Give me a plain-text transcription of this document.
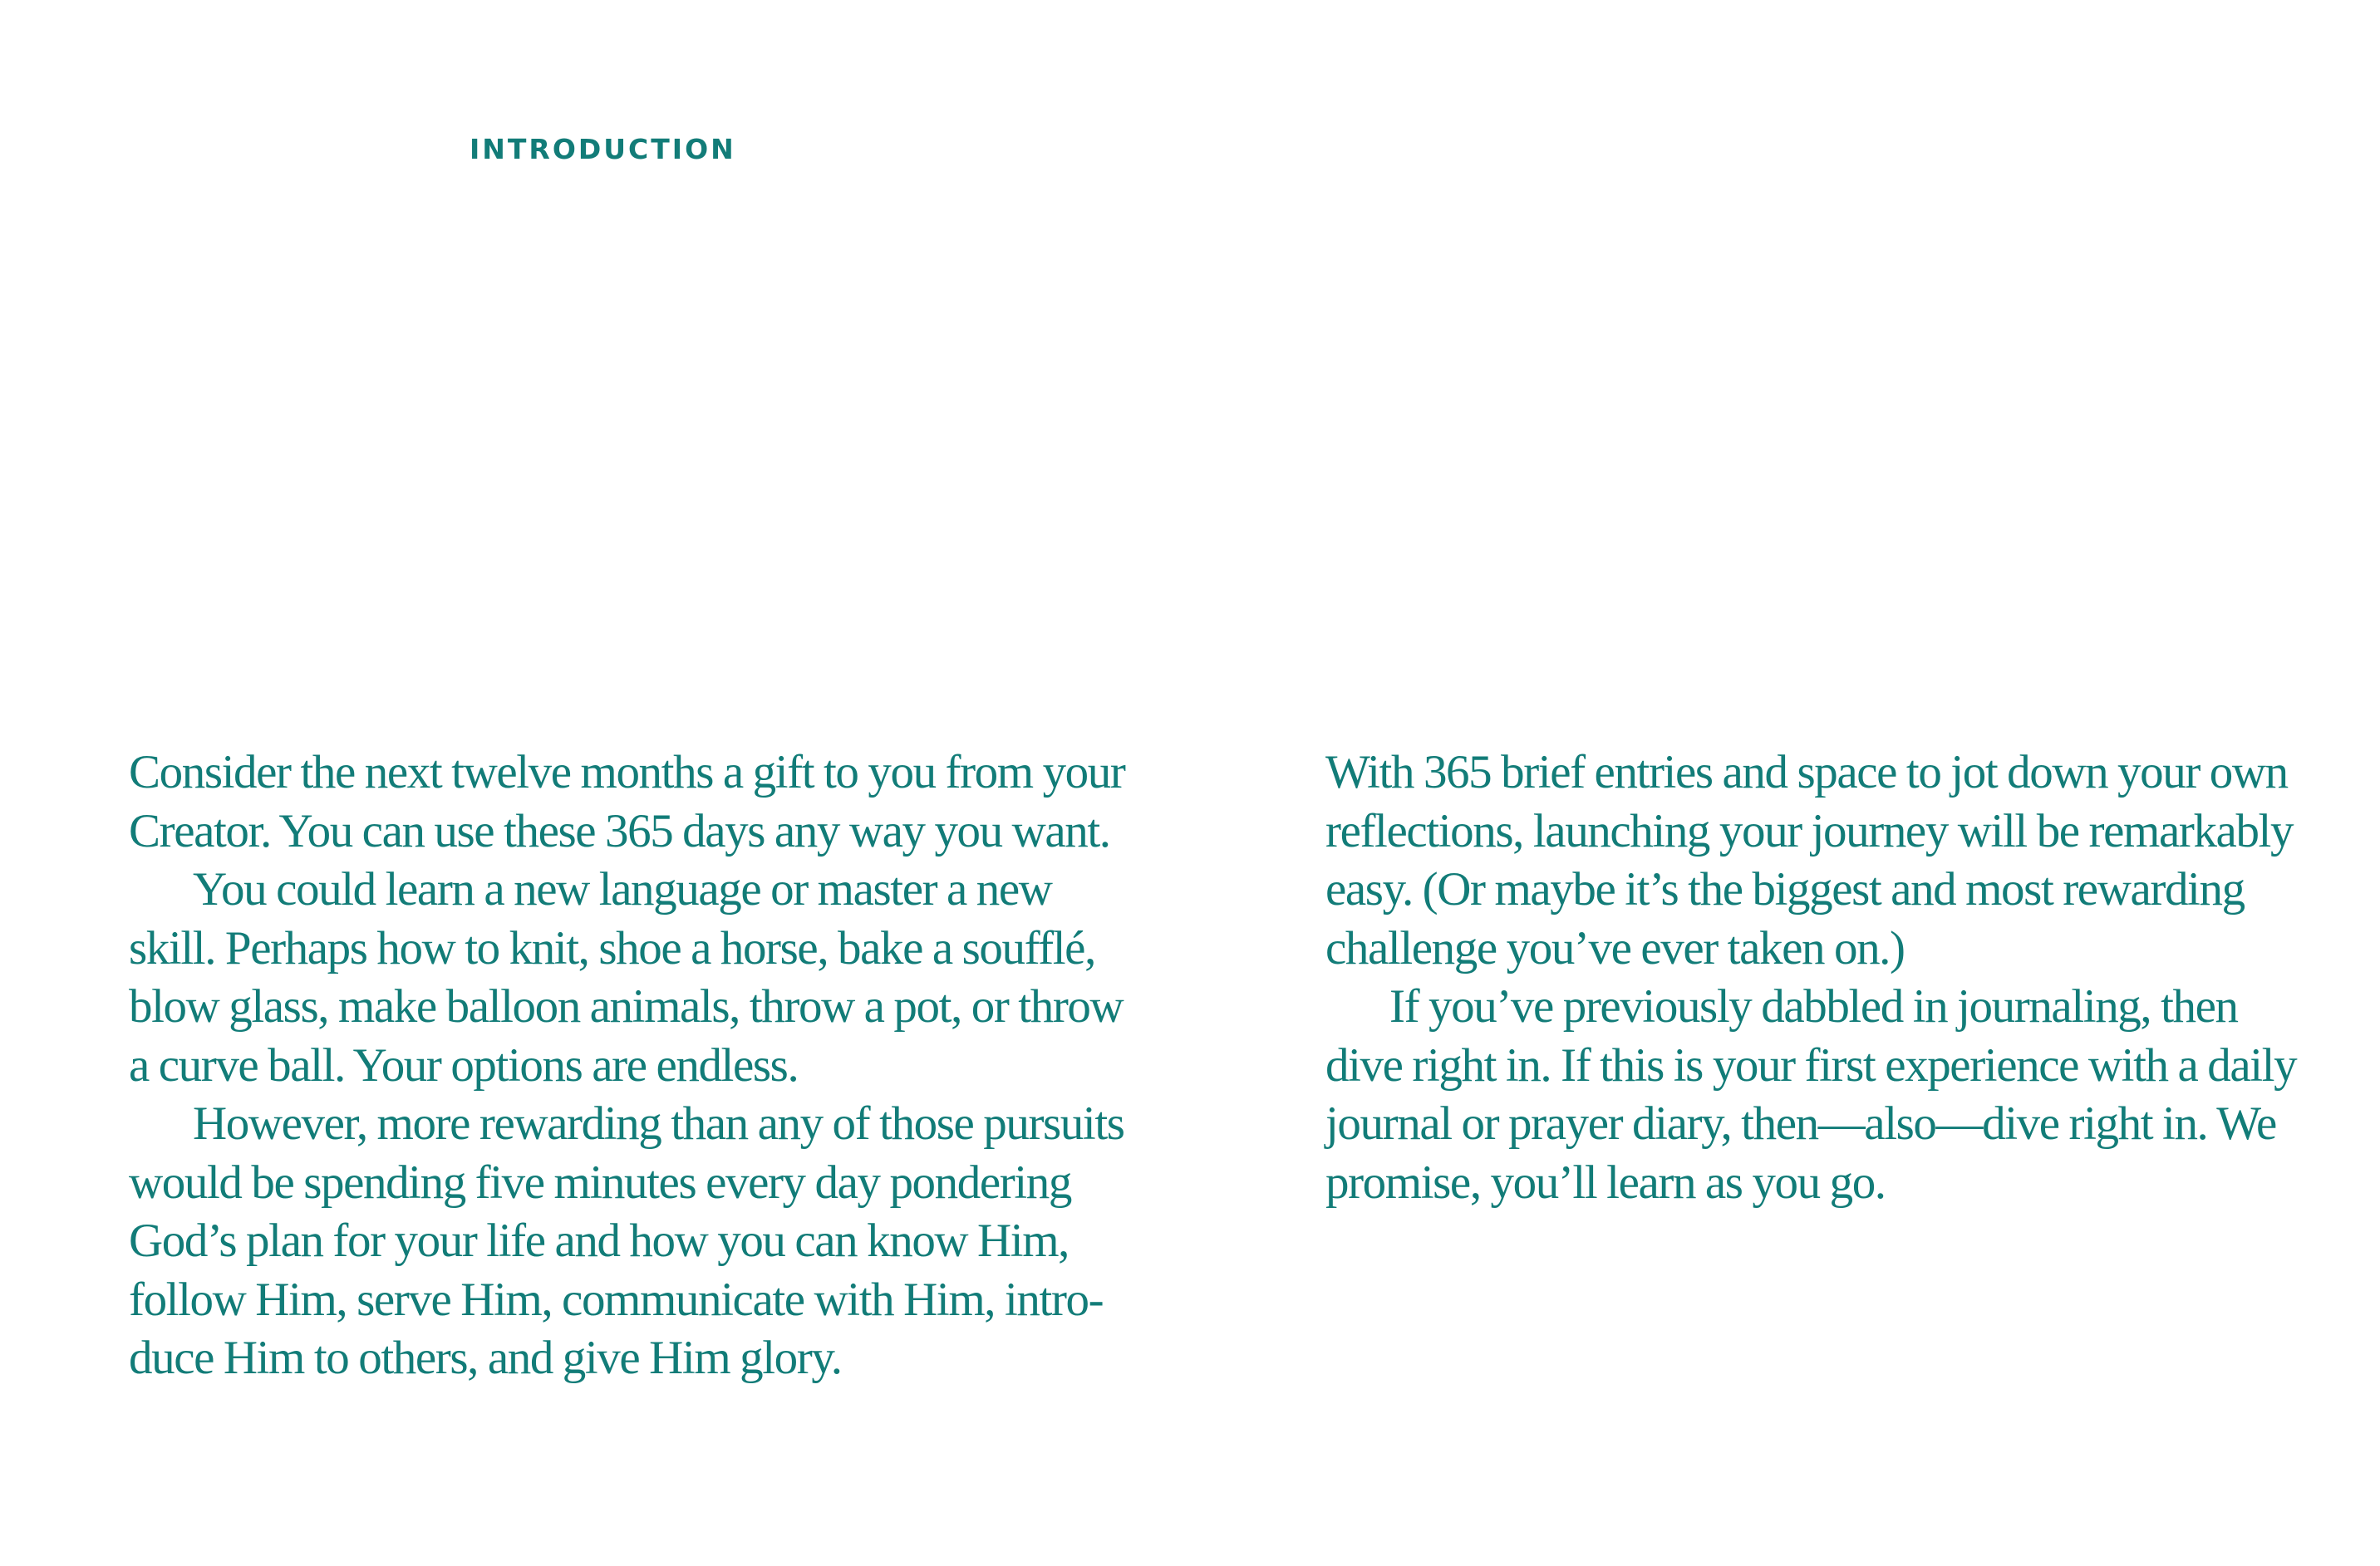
INTRODUCTION
Consider the next twelve months a gift to you from your
Creator. You can use these 365 days any way you want.
You could learn a new language or master a new
skill. Perhaps how to knit, shoe a horse, bake a soufflé,
blow glass, make balloon animals, throw a pot, or throw
a curve ball. Your options are endless.
However, more rewarding than any of those pursuits
would be spending five minutes every day pondering
God’s plan for your life and how you can know Him,
follow Him, serve Him, communicate with Him, intro-
duce Him to others, and give Him glory.
With 365 brief entries and space to jot down your own
reflections, launching your journey will be remarkably
easy. (Or maybe it’s the biggest and most rewarding
challenge you’ve ever taken on.)
If you’ve previously dabbled in journaling, then
dive right in. If this is your first experience with a daily
journal or prayer diary, then—also—dive right in. We
promise, you’ll learn as you go.
